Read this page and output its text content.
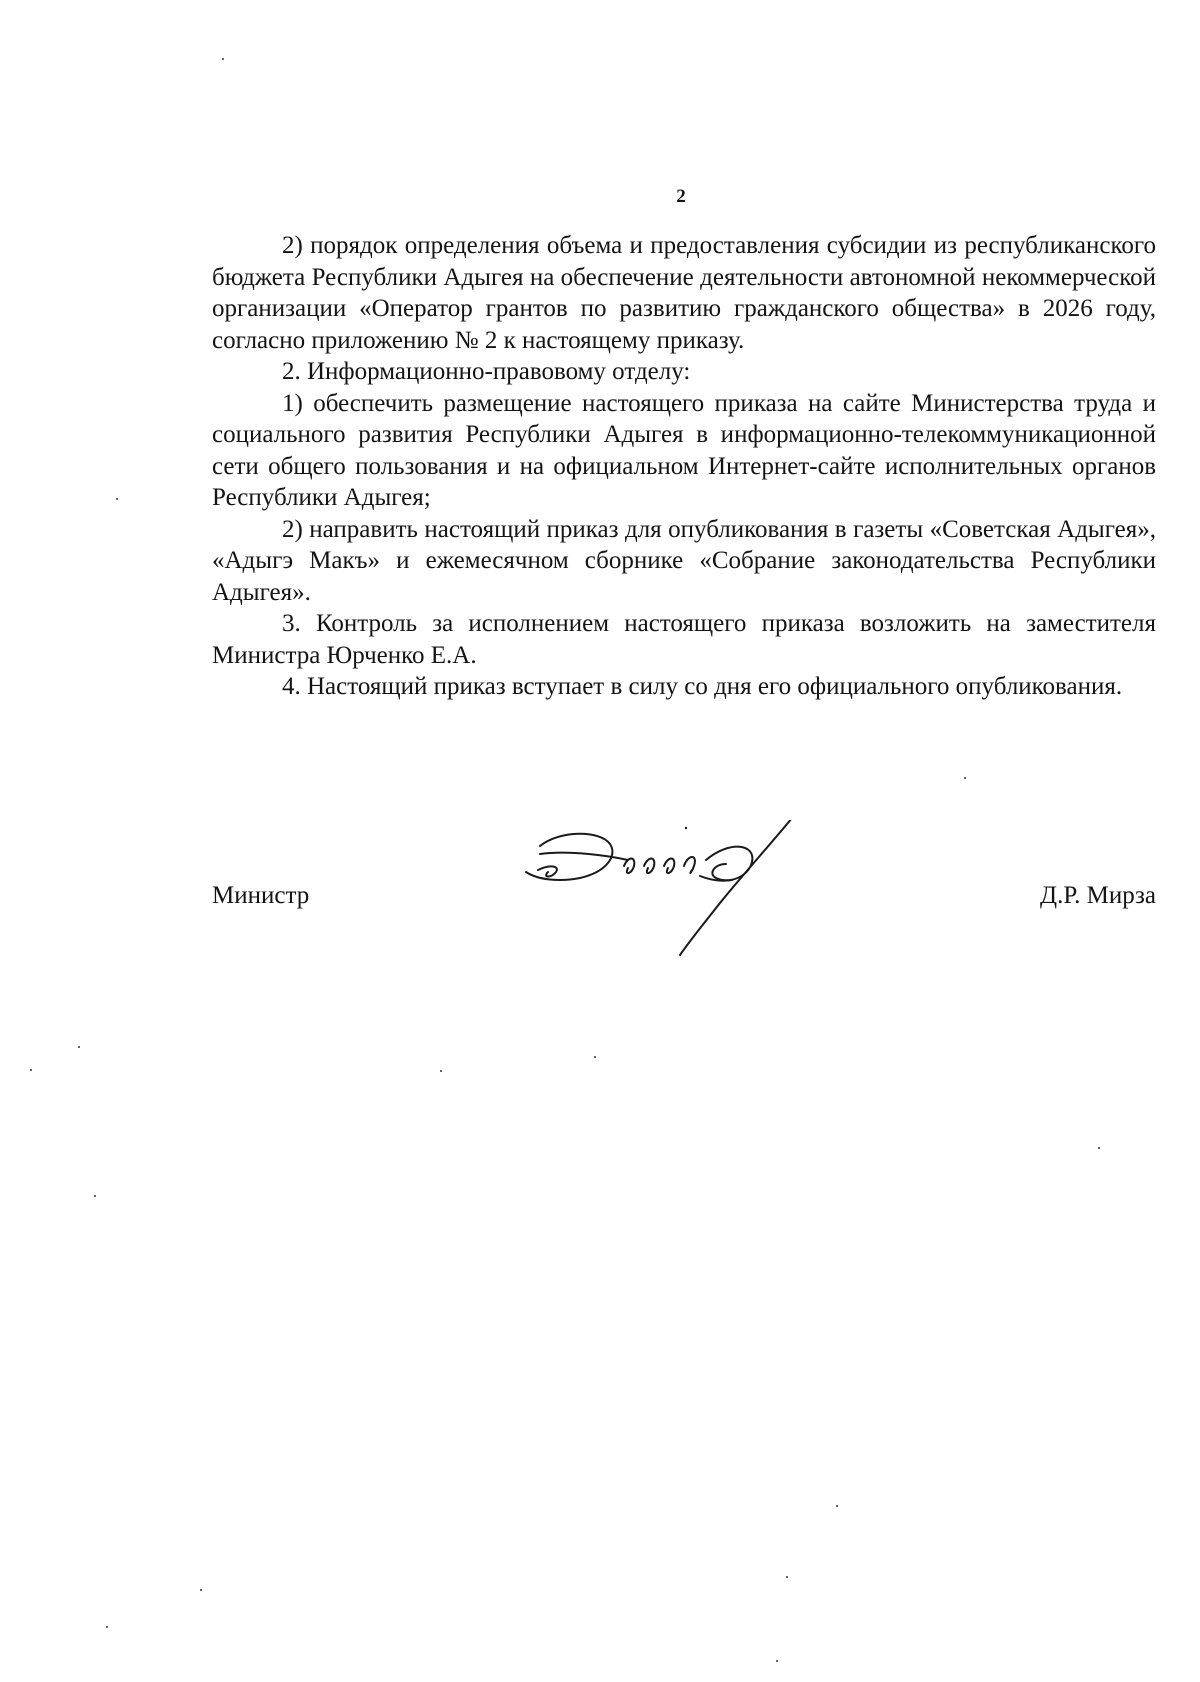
2

2) порядок определения объема и предоставления субсидии из республиканского бюджета Республики Адыгея на обеспечение деятельности автономной некоммерческой организации «Оператор грантов по развитию гражданского общества» в 2026 году, согласно приложению № 2 к настоящему приказу.

2. Информационно-правовому отделу:

1) обеспечить размещение настоящего приказа на сайте Министерства труда и социального развития Республики Адыгея в информационно-телекоммуникационной сети общего пользования и на официальном Интернет-сайте исполнительных органов Республики Адыгея;

2) направить настоящий приказ для опубликования в газеты «Советская Адыгея», «Адыгэ Макъ» и ежемесячном сборнике «Собрание законодательства Республики Адыгея».

3. Контроль за исполнением настоящего приказа возложить на заместителя Министра Юрченко Е.А.

4. Настоящий приказ вступает в силу со дня его официального опубликования.

Министр	Д.Р. Мирза
